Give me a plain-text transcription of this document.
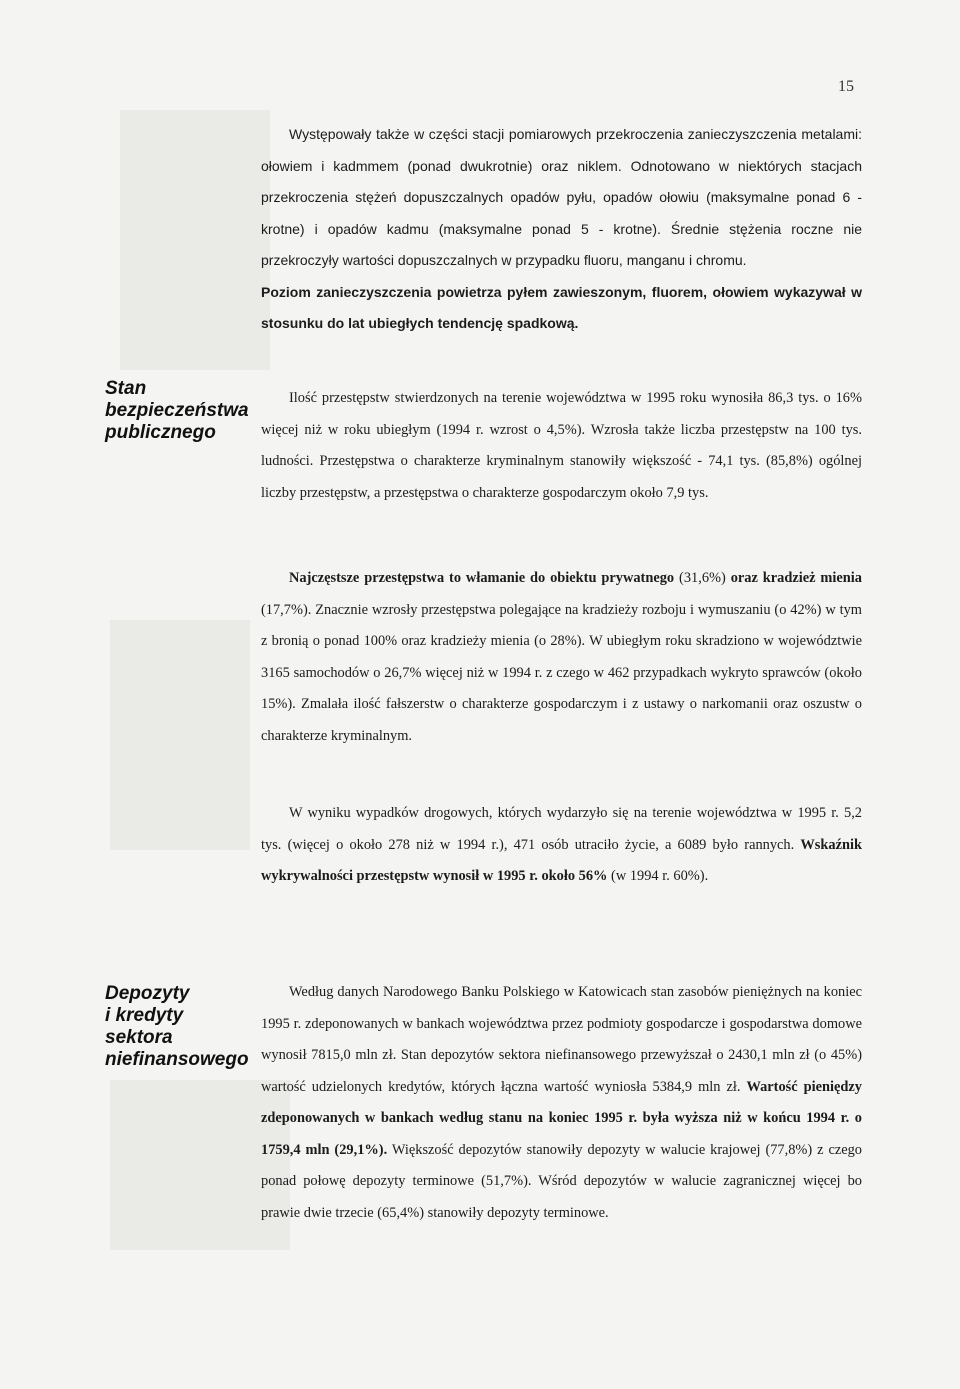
15

Występowały także w części stacji pomiarowych przekroczenia zanieczyszczenia metalami: ołowiem i kadmmem (ponad dwukrotnie) oraz niklem. Odnotowano w niektórych stacjach przekroczenia stężeń dopuszczalnych opadów pyłu, opadów ołowiu (maksymalne ponad 6 - krotne) i opadów kadmu (maksymalne ponad 5 - krotne). Średnie stężenia roczne nie przekroczyły wartości dopuszczalnych w przypadku fluoru, manganu i chromu.

Poziom zanieczyszczenia powietrza pyłem zawieszonym, fluorem, ołowiem wykazywał w stosunku do lat ubiegłych tendencję spadkową.

Stan
bezpieczeństwa
publicznego

Ilość przestępstw stwierdzonych na terenie województwa w 1995 roku wynosiła 86,3 tys. o 16% więcej niż w roku ubiegłym (1994 r. wzrost o 4,5%). Wzrosła także liczba przestępstw na 100 tys. ludności. Przestępstwa o charakterze kryminalnym stanowiły większość - 74,1 tys. (85,8%) ogólnej liczby przestępstw, a przestępstwa o charakterze gospodarczym około 7,9 tys.

Najczęstsze przestępstwa to włamanie do obiektu prywatnego (31,6%) oraz kradzież mienia (17,7%). Znacznie wzrosły przestępstwa polegające na kradzieży rozboju i wymuszaniu (o 42%) w tym z bronią o ponad 100% oraz kradzieży mienia (o 28%). W ubiegłym roku skradziono w województwie 3165 samochodów o 26,7% więcej niż w 1994 r. z czego w 462 przypadkach wykryto sprawców (około 15%). Zmalała ilość fałszerstw o charakterze gospodarczym i z ustawy o narkomanii oraz oszustw o charakterze kryminalnym.

W wyniku wypadków drogowych, których wydarzyło się na terenie województwa w 1995 r. 5,2 tys. (więcej o około 278 niż w 1994 r.), 471 osób utraciło życie, a 6089 było rannych. Wskaźnik wykrywalności przestępstw wynosił w 1995 r. około 56% (w 1994 r. 60%).

Depozyty
i kredyty
sektora
niefinansowego

Według danych Narodowego Banku Polskiego w Katowicach stan zasobów pieniężnych na koniec 1995 r. zdeponowanych w bankach województwa przez podmioty gospodarcze i gospodarstwa domowe wynosił 7815,0 mln zł. Stan depozytów sektora niefinansowego przewyższał o 2430,1 mln zł (o 45%) wartość udzielonych kredytów, których łączna wartość wyniosła 5384,9 mln zł. Wartość pieniędzy zdeponowanych w bankach według stanu na koniec 1995 r. była wyższa niż w końcu 1994 r. o 1759,4 mln (29,1%). Większość depozytów stanowiły depozyty w walucie krajowej (77,8%) z czego ponad połowę depozyty terminowe (51,7%). Wśród depozytów w walucie zagranicznej więcej bo prawie dwie trzecie (65,4%) stanowiły depozyty terminowe.
